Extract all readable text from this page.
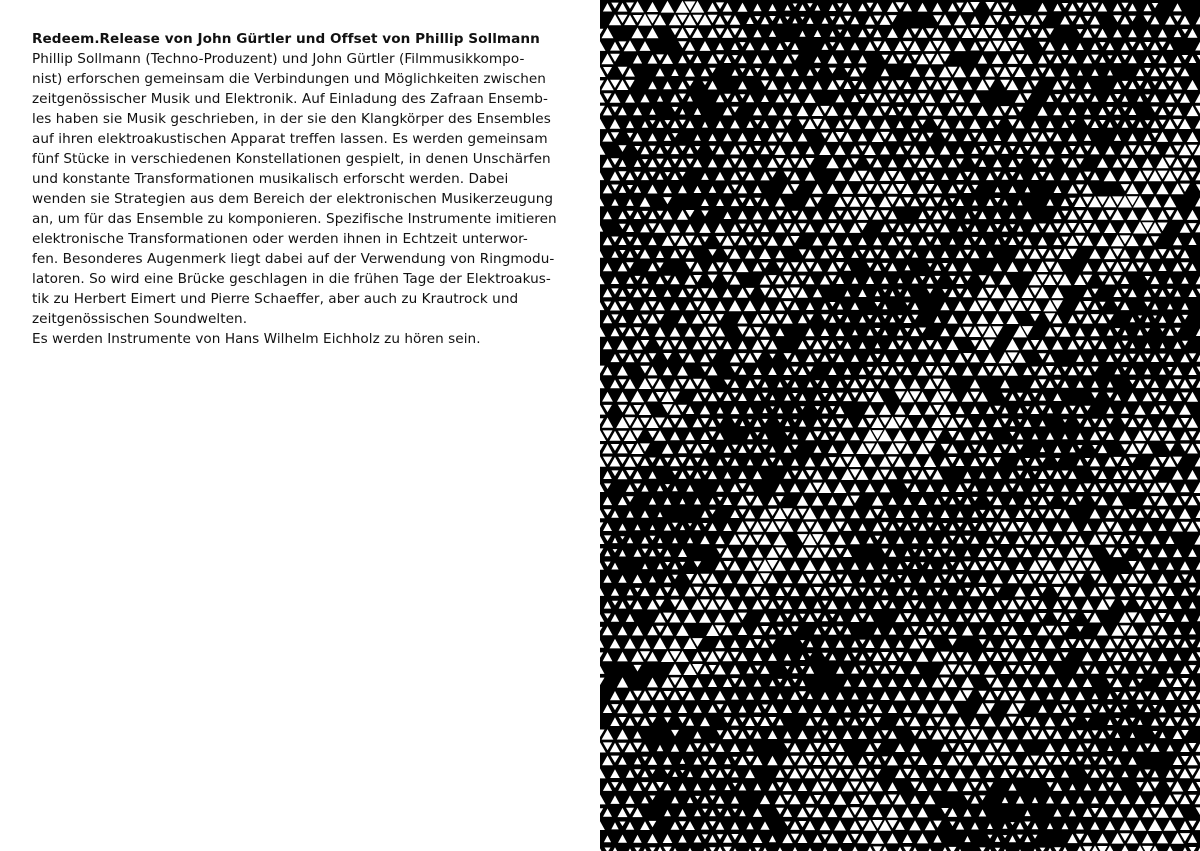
Redeem.Release von John Gürtler und Offset von Phillip Sollmann

Phillip Sollmann (Techno-Produzent) und John Gürtler (Filmmusikkompo-

nist) erforschen gemeinsam die Verbindungen und Möglichkeiten zwischen

zeitgenössischer Musik und Elektronik. Auf Einladung des Zafraan Ensemb-

les haben sie Musik geschrieben, in der sie den Klangkörper des Ensembles

auf ihren elektroakustischen Apparat treffen lassen. Es werden gemeinsam

fünf Stücke in verschiedenen Konstellationen gespielt, in denen Unschärfen

und konstante Transformationen musikalisch erforscht werden. Dabei

wenden sie Strategien aus dem Bereich der elektronischen Musikerzeugung

an, um für das Ensemble zu komponieren. Spezifische Instrumente imitieren

elektronische Transformationen oder werden ihnen in Echtzeit unterwor-

fen. Besonderes Augenmerk liegt dabei auf der Verwendung von Ringmodu-

latoren. So wird eine Brücke geschlagen in die frühen Tage der Elektroakus-

tik zu Herbert Eimert und Pierre Schaeffer, aber auch zu Krautrock und

zeitgenössischen Soundwelten.

Es werden Instrumente von Hans Wilhelm Eichholz zu hören sein.
